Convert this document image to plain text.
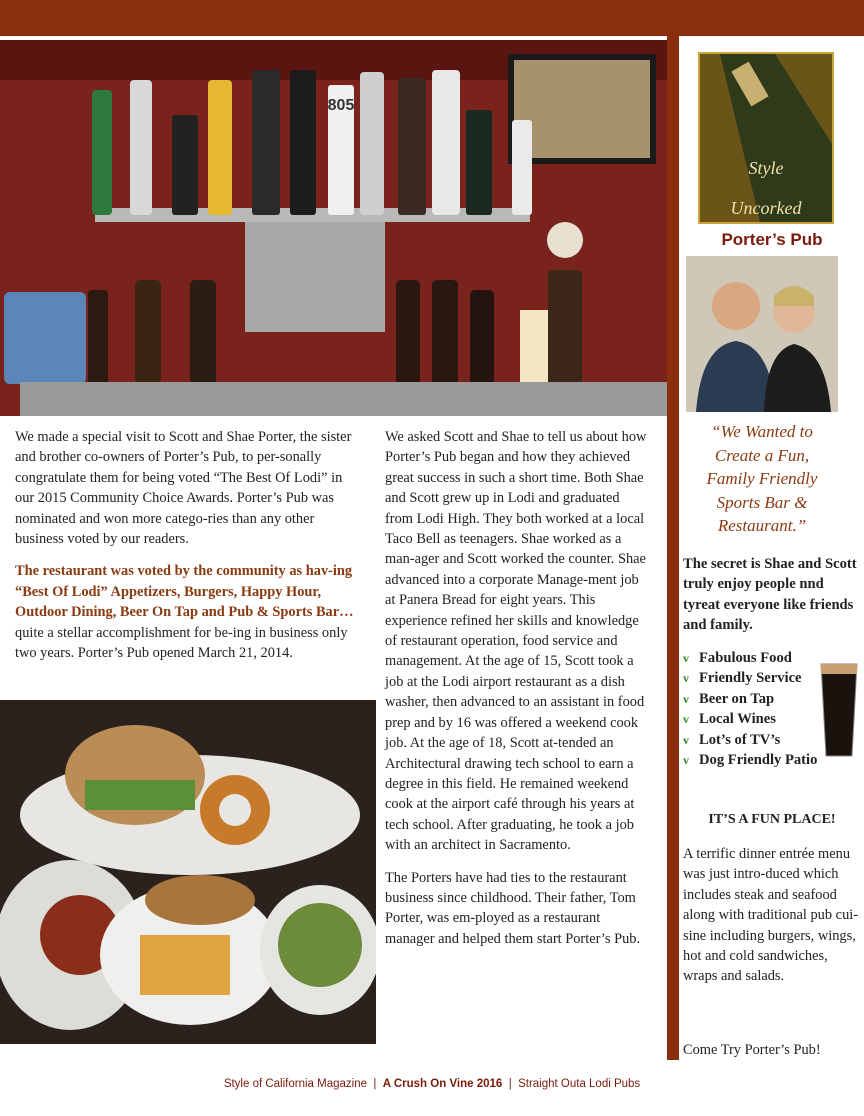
805
Style
Uncorked
Porter’s Pub
“We Wanted to Create a Fun, Family Friendly Sports Bar & Restaurant.”
The secret is Shae and Scott truly enjoy people nnd tyreat everyone like friends and family.
v Fabulous Food
v Friendly Service
v Beer on Tap
v Local Wines
v Lot’s of TV’s
v Dog Friendly Patio
IT’S A FUN PLACE!
A terrific dinner entrée menu was just intro-duced which includes steak and seafood along with traditional pub cui-sine including burgers, wings, hot and cold sandwiches, wraps and salads.
Come Try Porter’s Pub!

We made a special visit to Scott and Shae Porter, the sister and brother co-owners of Porter’s Pub, to per-sonally congratulate them for being voted “The Best Of Lodi” in our 2015 Community Choice Awards. Porter’s Pub was nominated and won more catego-ries than any other business voted by our readers.

The restaurant was voted by the community as hav-ing “Best Of Lodi” Appetizers, Burgers, Happy Hour, Outdoor Dining, Beer On Tap and Pub & Sports Bar…quite a stellar accomplishment for be-ing in business only two years. Porter’s Pub opened March 21, 2014.

We asked Scott and Shae to tell us about how Porter’s Pub began and how they achieved great success in such a short time. Both Shae and Scott grew up in Lodi and graduated from Lodi High. They both worked at a local Taco Bell as teenagers. Shae worked as a man-ager and Scott worked the counter. Shae advanced into a corporate Manage-ment job at Panera Bread for eight years. This experience refined her skills and knowledge of restaurant operation, food service and management. At the age of 15, Scott took a job at the Lodi airport restaurant as a dish washer, then advanced to an assistant in food prep and by 16 was offered a weekend cook job. At the age of 18, Scott at-tended an Architectural drawing tech school to earn a degree in this field. He remained weekend cook at the airport café through his years at tech school. After graduating, he took a job with an architect in Sacramento.

The Porters have had ties to the restaurant business since childhood. Their father, Tom Porter, was em-ployed as a restaurant manager and helped them start Porter’s Pub.

Style of California Magazine | A Crush On Vine 2016 | Straight Outa Lodi Pubs
